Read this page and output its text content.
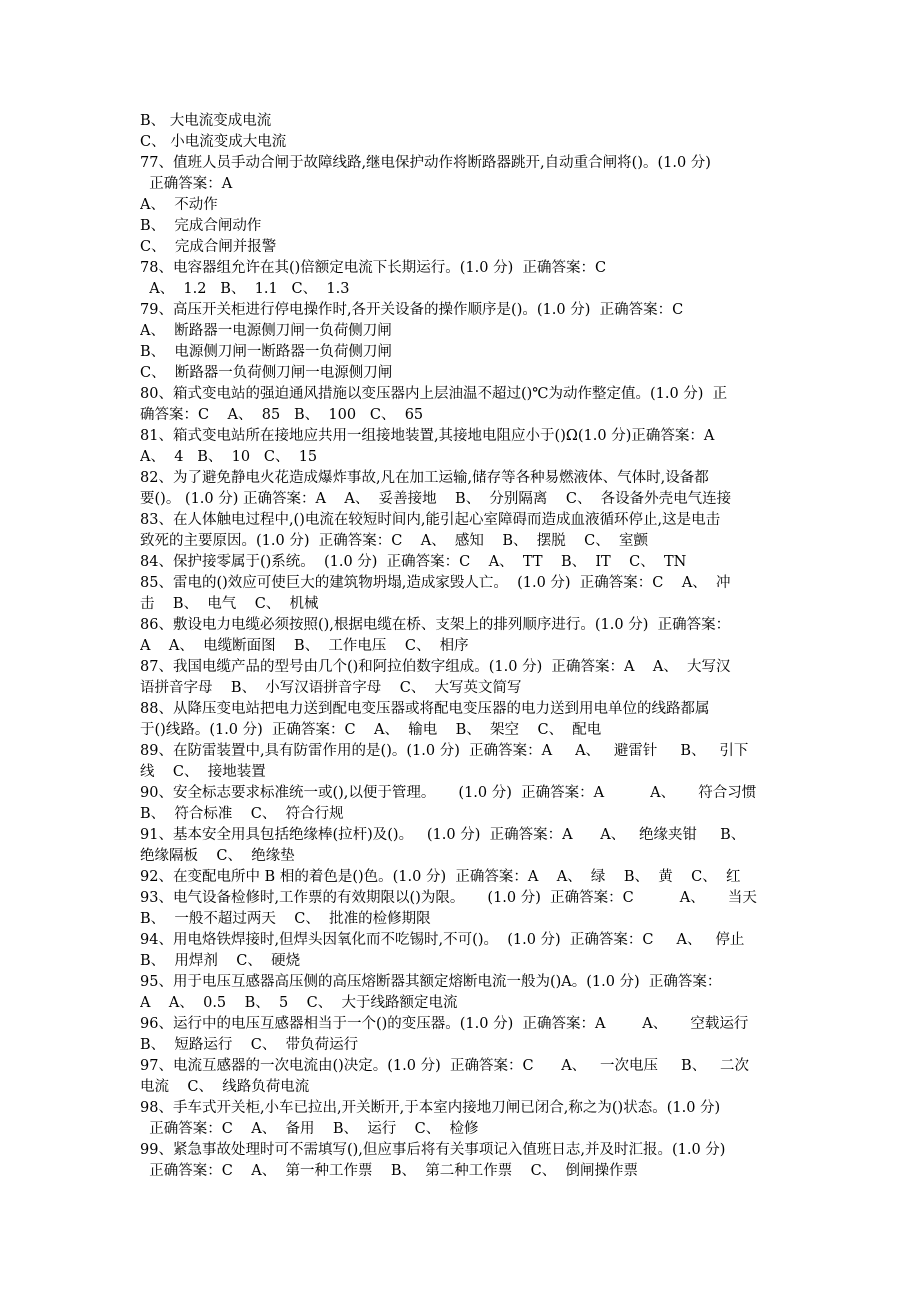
B、 大电流变成电流
C、 小电流变成大电流
77、值班人员手动合闸于故障线路,继电保护动作将断路器跳开,自动重合闸将()。(1.0 分)
正确答案：A
A、  不动作
B、  完成合闸动作
C、  完成合闸并报警
78、电容器组允许在其()倍额定电流下长期运行。(1.0 分)  正确答案：C
A、  1.2   B、  1.1   C、  1.3
79、高压开关柜进行停电操作时,各开关设备的操作顺序是()。(1.0 分)  正确答案：C
A、  断路器一电源侧刀闸一负荷侧刀闸
B、  电源侧刀闸一断路器一负荷侧刀闸
C、  断路器一负荷侧刀闸一电源侧刀闸
80、箱式变电站的强迫通风措施以变压器内上层油温不超过()℃为动作整定值。(1.0 分)  正
确答案：C    A、  85   B、  100   C、  65
81、箱式变电站所在接地应共用一组接地装置,其接地电阻应小于()Ω(1.0 分)正确答案：A
A、  4   B、  10   C、  15
82、为了避免静电火花造成爆炸事故,凡在加工运输,储存等各种易燃液体、气体时,设备都
要()。 (1.0 分) 正确答案：A    A、  妥善接地    B、  分别隔离    C、  各设备外壳电气连接
83、在人体触电过程中,()电流在较短时间内,能引起心室障碍而造成血液循环停止,这是电击
致死的主要原因。(1.0 分)  正确答案：C    A、  感知    B、  摆脱    C、  室颤
84、保护接零属于()系统。  (1.0 分)  正确答案：C    A、  TT    B、  IT    C、  TN
85、雷电的()效应可使巨大的建筑物坍塌,造成家毁人亡。  (1.0 分)  正确答案：C    A、  冲
击    B、  电气    C、  机械
86、敷设电力电缆必须按照(),根据电缆在桥、支架上的排列顺序进行。(1.0 分)  正确答案：
A    A、  电缆断面图    B、  工作电压    C、  相序
87、我国电缆产品的型号由几个()和阿拉伯数字组成。(1.0 分)  正确答案：A    A、  大写汉
语拼音字母    B、  小写汉语拼音字母    C、  大写英文简写
88、从降压变电站把电力送到配电变压器或将配电变压器的电力送到用电单位的线路都属
于()线路。(1.0 分)  正确答案：C    A、  输电    B、  架空    C、  配电
89、在防雷装置中,具有防雷作用的是()。(1.0 分)  正确答案：A     A、   避雷针     B、   引下
线    C、  接地装置
90、安全标志要求标准统一或(),以便于管理。     (1.0 分)  正确答案：A          A、     符合习惯
B、  符合标准    C、  符合行规
91、基本安全用具包括绝缘棒(拉杆)及()。   (1.0 分)  正确答案：A      A、   绝缘夹钳     B、
绝缘隔板    C、  绝缘垫
92、在变配电所中 B 相的着色是()色。(1.0 分)  正确答案：A    A、  绿    B、  黄    C、  红
93、电气设备检修时,工作票的有效期限以()为限。     (1.0 分)  正确答案：C          A、     当天
B、  一般不超过两天    C、  批准的检修期限
94、用电烙铁焊接时,但焊头因氧化而不吃锡时,不可()。  (1.0 分)  正确答案：C     A、   停止
B、  用焊剂    C、  硬烧
95、用于电压互感器高压侧的高压熔断器其额定熔断电流一般为()A。(1.0 分)  正确答案：
A    A、  0.5    B、  5    C、  大于线路额定电流
96、运行中的电压互感器相当于一个()的变压器。(1.0 分)  正确答案：A        A、     空载运行
B、  短路运行    C、  带负荷运行
97、电流互感器的一次电流由()决定。(1.0 分)  正确答案：C      A、   一次电压     B、   二次
电流    C、  线路负荷电流
98、手车式开关柜,小车已拉出,开关断开,于本室内接地刀闸已闭合,称之为()状态。(1.0 分)
正确答案：C    A、  备用    B、  运行    C、  检修
99、紧急事故处理时可不需填写(),但应事后将有关事项记入值班日志,并及时汇报。(1.0 分)
正确答案：C    A、  第一种工作票    B、  第二种工作票    C、  倒闸操作票
